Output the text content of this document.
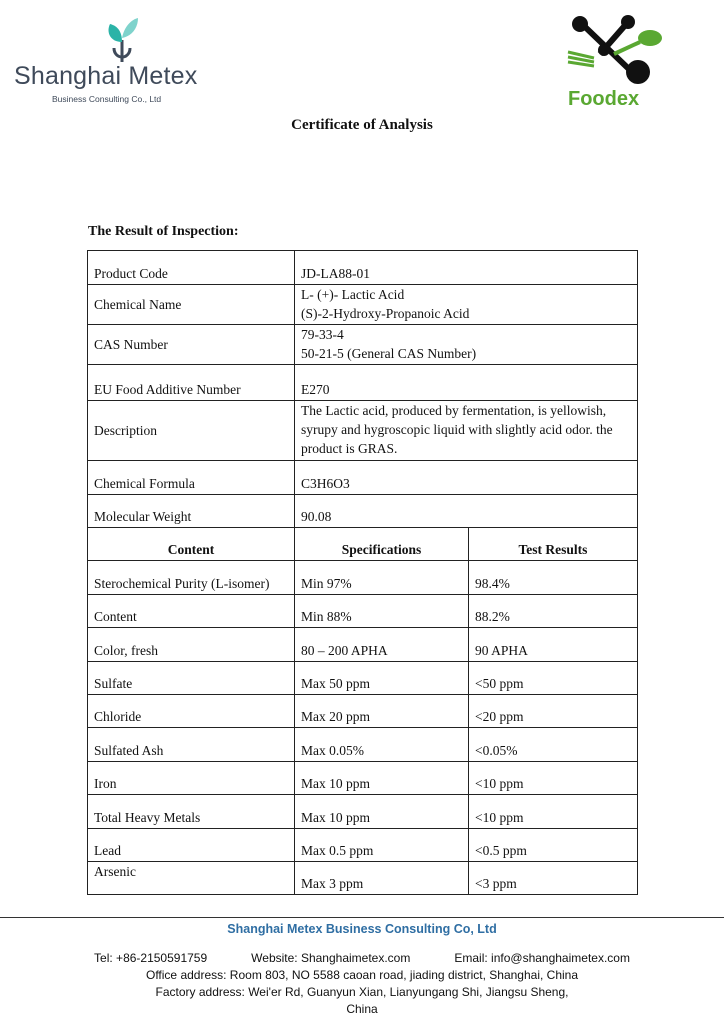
Shanghai Metex
Business Consulting Co., Ltd	Foodex
Certificate of Analysis
The Result of Inspection:
Product Code	JD-LA88-01	
Chemical Name	L- (+)- Lactic Acid
(S)-2-Hydroxy-Propanoic Acid	
CAS Number	79-33-4
50-21-5 (General CAS Number)	
EU Food Additive Number	E270	
Description	The Lactic acid, produced by fermentation, is yellowish, syrupy and hygroscopic liquid with slightly acid odor. the product is GRAS.	
Chemical Formula	C3H6O3	
Molecular Weight	90.08	
Content	Specifications	Test Results
Sterochemical Purity (L-isomer)	Min 97%	98.4%
Content	Min 88%	88.2%
Color, fresh	80 – 200 APHA	90 APHA
Sulfate	Max 50 ppm	<50 ppm
Chloride	Max 20 ppm	<20 ppm
Sulfated Ash	Max 0.05%	<0.05%
Iron	Max 10 ppm	<10 ppm
Total Heavy Metals	Max 10 ppm	<10 ppm
Lead	Max 0.5 ppm	<0.5 ppm
Arsenic	Max 3 ppm	<3 ppm
Shanghai Metex Business Consulting Co, Ltd
Tel: +86-2150591759	Website: Shanghaimetex.com	Email: info@shanghaimetex.com
Office address: Room 803, NO 5588 caoan road, jiading district, Shanghai, China
Factory address: Wei'er Rd, Guanyun Xian, Lianyungang Shi, Jiangsu Sheng,
China
